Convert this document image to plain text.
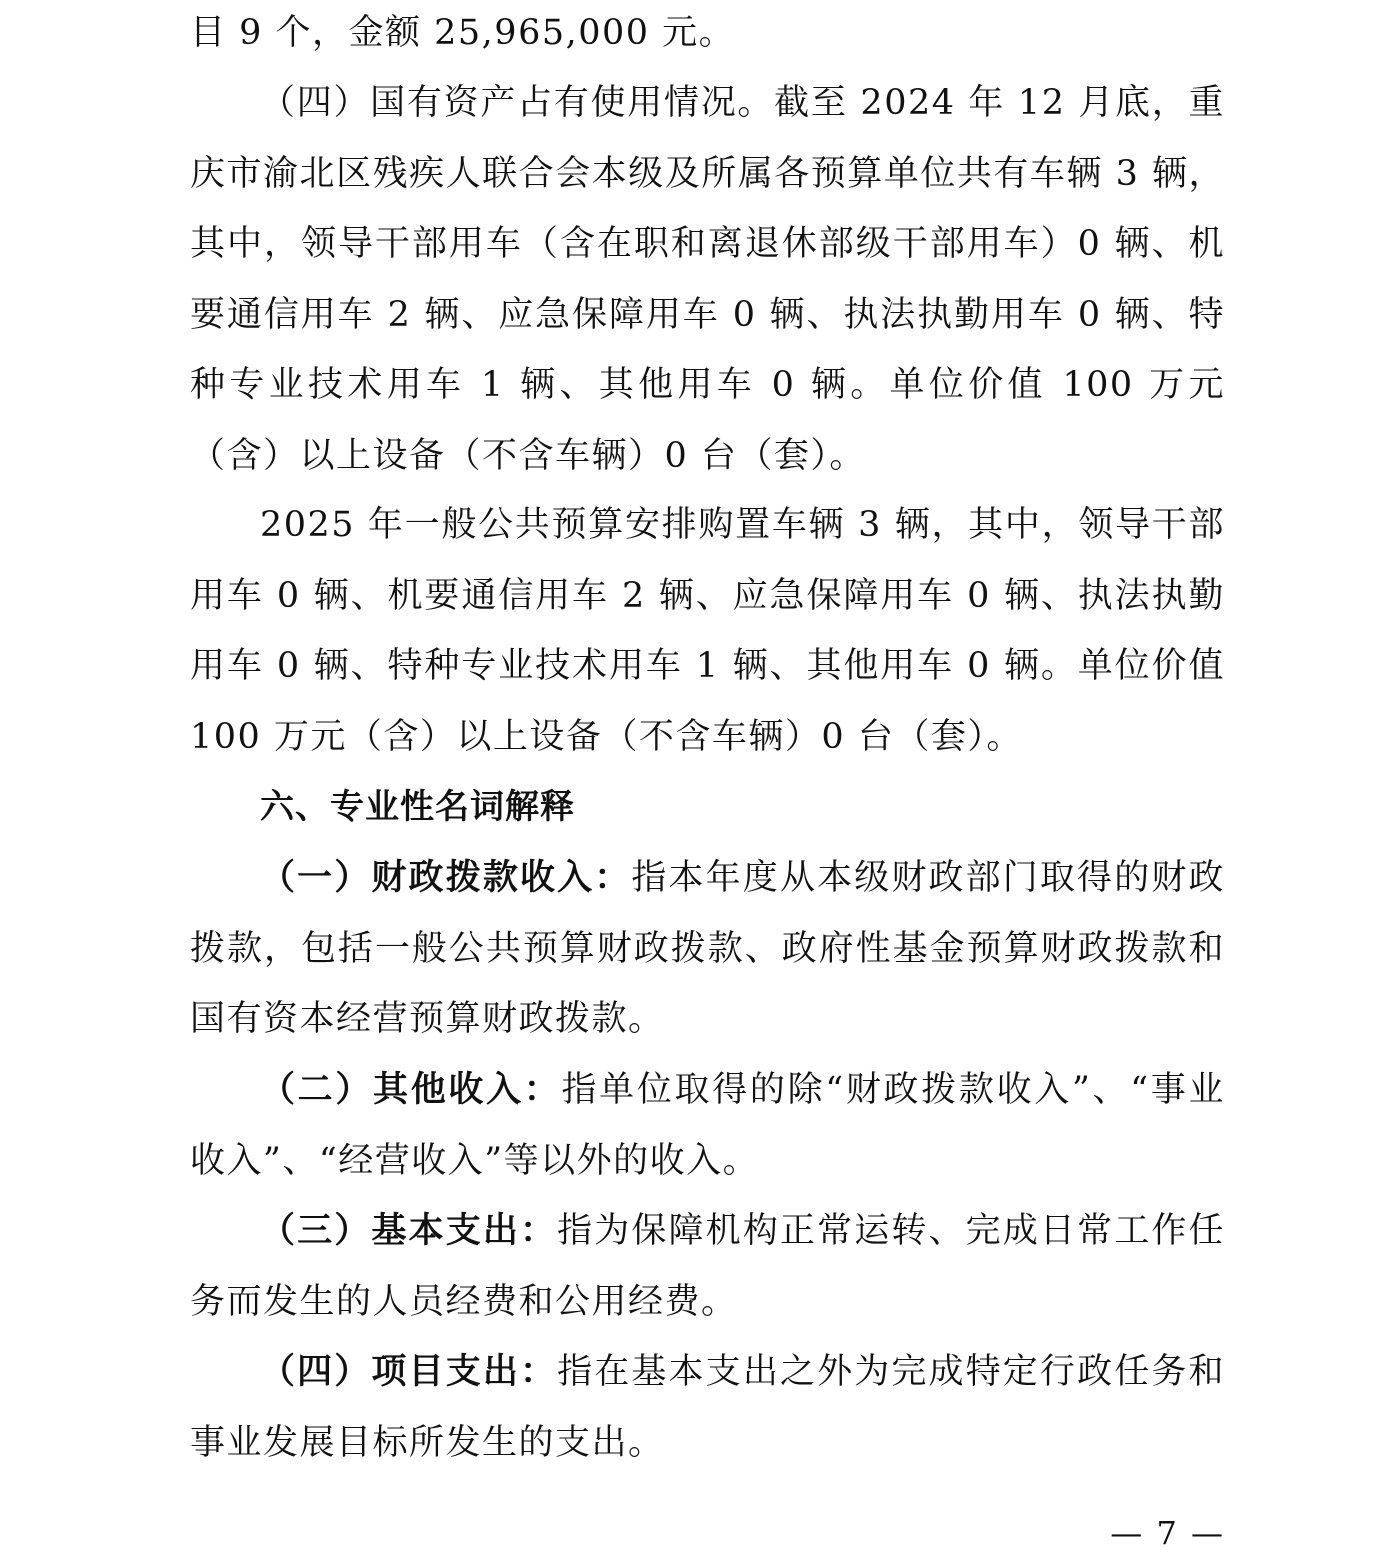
目 9 个，金额 25,965,000 元。

（四）国有资产占有使用情况。截至 2024 年 12 月底，重庆市渝北区残疾人联合会本级及所属各预算单位共有车辆 3 辆，其中，领导干部用车（含在职和离退休部级干部用车）0 辆、机要通信用车 2 辆、应急保障用车 0 辆、执法执勤用车 0 辆、特种专业技术用车 1 辆、其他用车 0 辆。单位价值 100 万元（含）以上设备（不含车辆）0 台（套）。

2025 年一般公共预算安排购置车辆 3 辆，其中，领导干部用车 0 辆、机要通信用车 2 辆、应急保障用车 0 辆、执法执勤用车 0 辆、特种专业技术用车 1 辆、其他用车 0 辆。单位价值 100 万元（含）以上设备（不含车辆）0 台（套）。

六、专业性名词解释

（一）财政拨款收入：指本年度从本级财政部门取得的财政拨款，包括一般公共预算财政拨款、政府性基金预算财政拨款和国有资本经营预算财政拨款。

（二）其他收入：指单位取得的除“财政拨款收入”、“事业收入”、“经营收入”等以外的收入。

（三）基本支出：指为保障机构正常运转、完成日常工作任务而发生的人员经费和公用经费。

（四）项目支出：指在基本支出之外为完成特定行政任务和事业发展目标所发生的支出。

— 7 —
